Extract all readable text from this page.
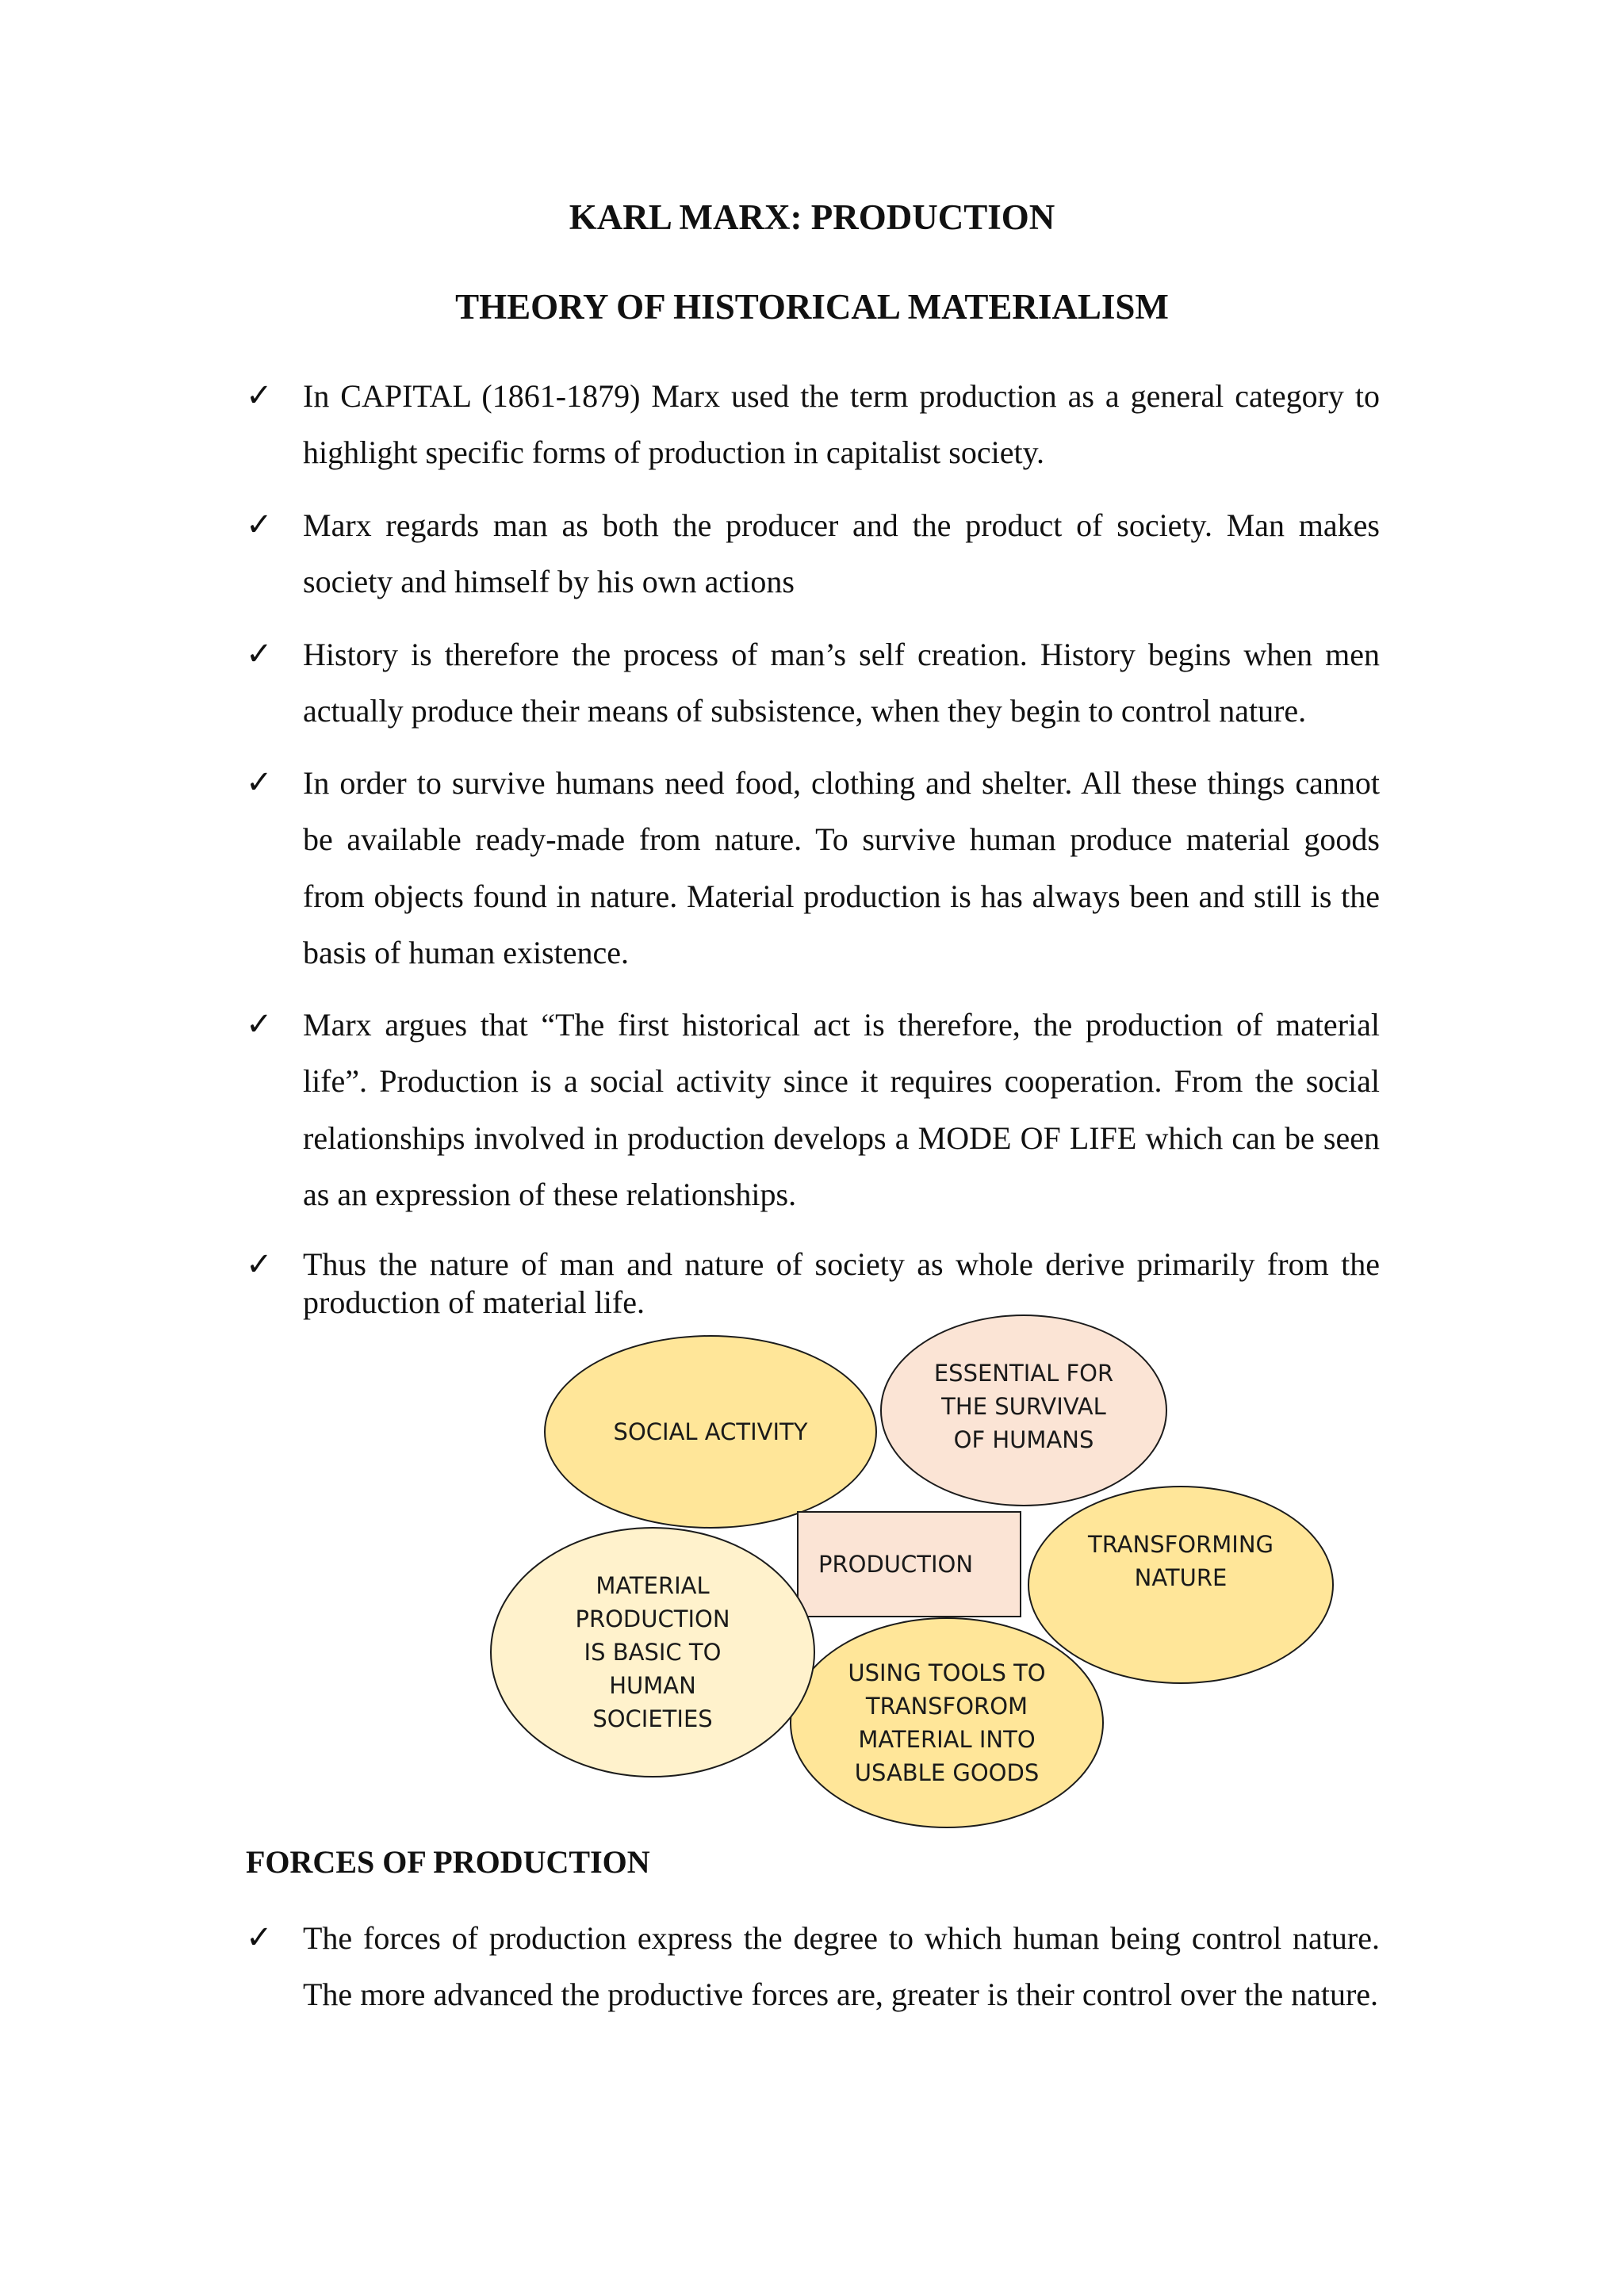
KARL MARX: PRODUCTION
THEORY OF HISTORICAL MATERIALISM
✓ In CAPITAL (1861-1879) Marx used the term production as a general category to highlight specific forms of production in capitalist society.

✓ Marx regards man as both the producer and the product of society. Man makes society and himself by his own actions

✓ History is therefore the process of man’s self creation. History begins when men actually produce their means of subsistence, when they begin to control nature.

✓ In order to survive humans need food, clothing and shelter. All these things cannot be available ready-made from nature. To survive human produce material goods from objects found in nature. Material production is has always been and still is the basis of human existence.

✓ Marx argues that “The first historical act is therefore, the production of material life”. Production is a social activity since it requires cooperation. From the social relationships involved in production develops a MODE OF LIFE which can be seen as an expression of these relationships.

✓ Thus the nature of man and nature of society as whole derive primarily from the production of material life.

SOCIAL ACTIVITY
ESSENTIAL FOR THE SURVIVAL OF HUMANS
PRODUCTION
TRANSFORMING NATURE
USING TOOLS TO TRANSFOROM MATERIAL INTO USABLE GOODS
MATERIAL PRODUCTION IS BASIC TO HUMAN SOCIETIES
FORCES OF PRODUCTION
✓ The forces of production express the degree to which human being control nature. The more advanced the productive forces are, greater is their control over the nature.
